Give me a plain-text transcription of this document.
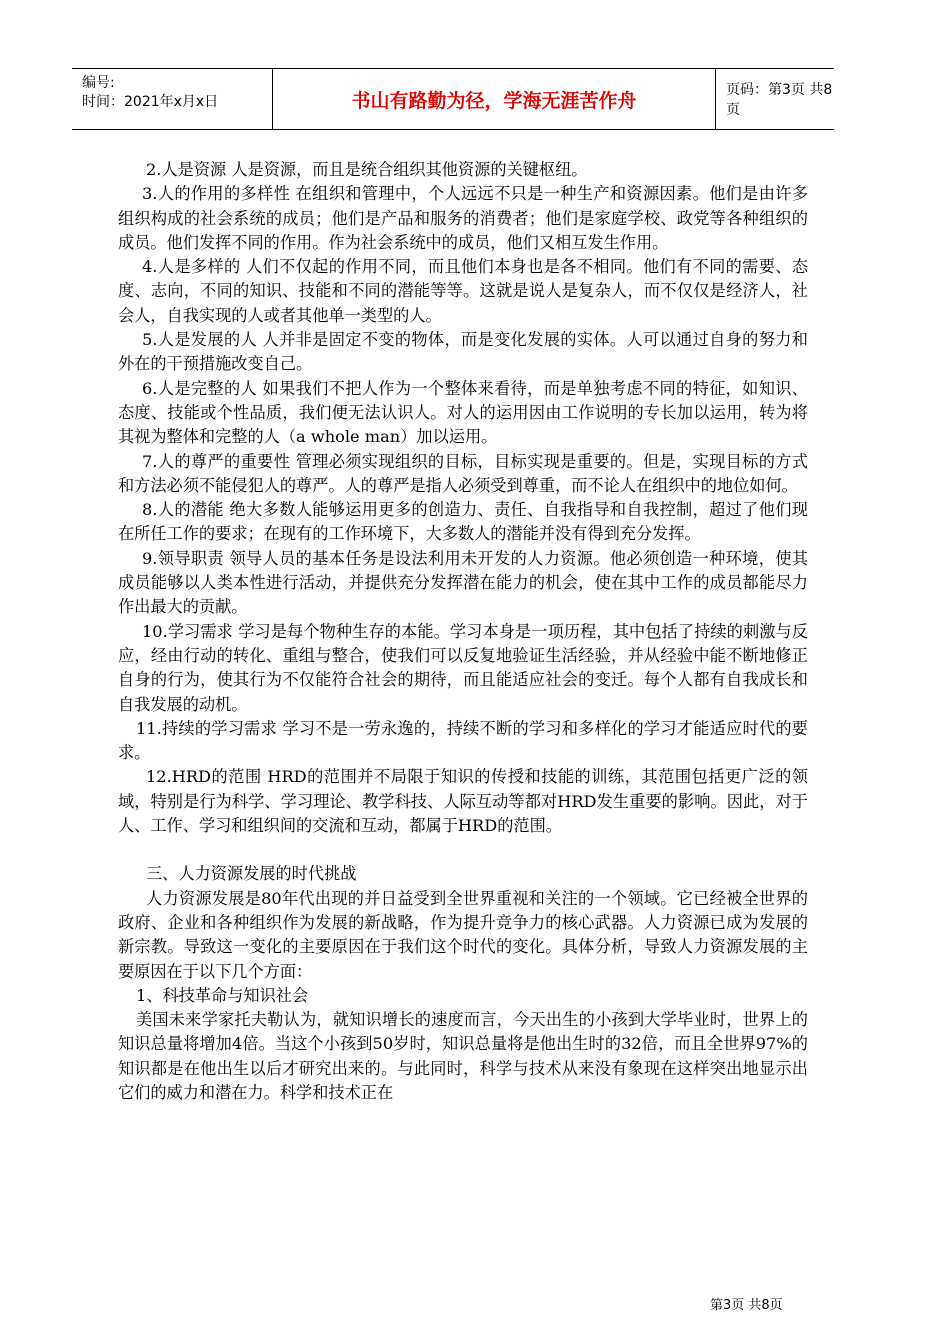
编号:
时间：2021年x月x日	书山有路勤为径，学海无涯苦作舟	页码：第3页 共8页

2.人是资源 人是资源，而且是统合组织其他资源的关键枢纽。

3.人的作用的多样性 在组织和管理中，个人远远不只是一种生产和资源因素。他们是由许多组织构成的社会系统的成员；他们是产品和服务的消费者；他们是家庭学校、政党等各种组织的成员。他们发挥不同的作用。作为社会系统中的成员，他们又相互发生作用。

4.人是多样的 人们不仅起的作用不同，而且他们本身也是各不相同。他们有不同的需要、态度、志向，不同的知识、技能和不同的潜能等等。这就是说人是复杂人，而不仅仅是经济人，社会人，自我实现的人或者其他单一类型的人。

5.人是发展的人 人并非是固定不变的物体，而是变化发展的实体。人可以通过自身的努力和外在的干预措施改变自己。

6.人是完整的人 如果我们不把人作为一个整体来看待，而是单独考虑不同的特征，如知识、态度、技能或个性品质，我们便无法认识人。对人的运用因由工作说明的专长加以运用，转为将其视为整体和完整的人（a whole man）加以运用。

7.人的尊严的重要性 管理必须实现组织的目标，目标实现是重要的。但是，实现目标的方式和方法必须不能侵犯人的尊严。人的尊严是指人必须受到尊重，而不论人在组织中的地位如何。

8.人的潜能 绝大多数人能够运用更多的创造力、责任、自我指导和自我控制，超过了他们现在所任工作的要求；在现有的工作环境下，大多数人的潜能并没有得到充分发挥。

9.领导职责 领导人员的基本任务是设法利用未开发的人力资源。他必须创造一种环境，使其成员能够以人类本性进行活动，并提供充分发挥潜在能力的机会，使在其中工作的成员都能尽力作出最大的贡献。

10.学习需求 学习是每个物种生存的本能。学习本身是一项历程，其中包括了持续的刺激与反应，经由行动的转化、重组与整合，使我们可以反复地验证生活经验，并从经验中能不断地修正自身的行为，使其行为不仅能符合社会的期待，而且能适应社会的变迁。每个人都有自我成长和自我发展的动机。

11.持续的学习需求 学习不是一劳永逸的，持续不断的学习和多样化的学习才能适应时代的要求。

12.HRD的范围 HRD的范围并不局限于知识的传授和技能的训练，其范围包括更广泛的领域，特别是行为科学、学习理论、教学科技、人际互动等都对HRD发生重要的影响。因此，对于人、工作、学习和组织间的交流和互动，都属于HRD的范围。

三、人力资源发展的时代挑战

人力资源发展是80年代出现的并日益受到全世界重视和关注的一个领域。它已经被全世界的政府、企业和各种组织作为发展的新战略，作为提升竞争力的核心武器。人力资源已成为发展的新宗教。导致这一变化的主要原因在于我们这个时代的变化。具体分析，导致人力资源发展的主要原因在于以下几个方面：

1、科技革命与知识社会

美国未来学家托夫勒认为，就知识增长的速度而言，今天出生的小孩到大学毕业时，世界上的知识总量将增加4倍。当这个小孩到50岁时，知识总量将是他出生时的32倍，而且全世界97%的知识都是在他出生以后才研究出来的。与此同时，科学与技术从来没有象现在这样突出地显示出它们的威力和潜在力。科学和技术正在

第3页 共8页
